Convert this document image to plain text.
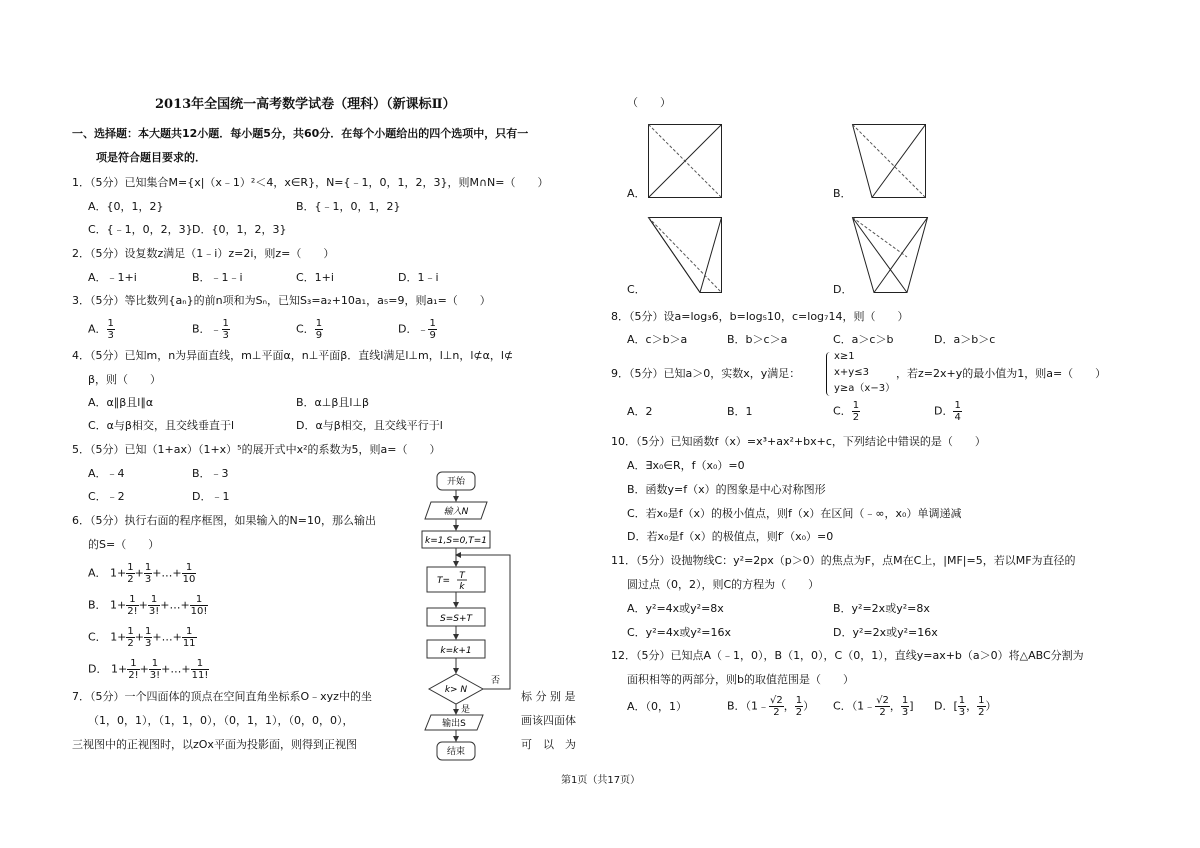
2013年全国统一高考数学试卷（理科）（新课标Ⅱ）
一、选择题：本大题共12小题．每小题5分，共60分．在每个小题给出的四个选项中，只有一
项是符合题目要求的．
1．（5分）已知集合M={x|（x﹣1）²＜4，x∈R}，N={﹣1，0，1，2，3}，则M∩N=（　　）
A．{0，1，2}	B．{﹣1，0，1，2}
C．{﹣1，0，2，3} D．{0，1，2，3}
2．（5分）设复数z满足（1﹣i）z=2i，则z=（　　）
A．﹣1+i	B．﹣1﹣i	C．1+i	D．1﹣i
3．（5分）等比数列{aₙ}的前n项和为Sₙ，已知S₃=a₂+10a₁，a₅=9，则a₁=（　　）
A． $\frac{1}{3}$	B．﹣ $\frac{1}{3}$	C． $\frac{1}{9}$	D．﹣ $\frac{1}{9}$
4．（5分）已知m，n为异面直线，m⊥平面α，n⊥平面β．直线l满足l⊥m，l⊥n，l⊄α，l⊄
β，则（　　）
A．α∥β且l∥α	B．α⊥β且l⊥β
C．α与β相交，且交线垂直于l	D．α与β相交，且交线平行于l
5．（5分）已知（1+ax）（1+x）⁵的展开式中x²的系数为5，则a=（　　）
A．﹣4	B．﹣3
C．﹣2	D．﹣1
6．（5分）执行右面的程序框图，如果输入的N=10，那么输出
的S=（　　）
A． $1+ \frac{1}{2} + \frac{1}{3}$ +…+ $\frac{1}{10}$
B． $1+ \frac{1}{2!} + \frac{1}{3!}$ +…+ $\frac{1}{10!}$
C． $1+ \frac{1}{2} + \frac{1}{3}$ +…+ $\frac{1}{11}$
D． $1+ \frac{1}{2!} + \frac{1}{3!}$ +…+ $\frac{1}{11!}$
7．（5分）一个四面体的顶点在空间直角坐标系O﹣xyz中的坐	标 分 别 是
（1，0，1），（1，1，0），（0，1，1），（0，0，0），	画该四面体
三视图中的正视图时，以zOx平面为投影面，则得到正视图	可　以　为
（　　）
开始
输入N
k=1,S=0,T=1
T= T
k
S=S+T
k=k+1
k> N
否
是
输出S
结束
A．	B．
C．	D．
8．（5分）设a=log₃6，b=log₅10，c=log₇14，则（　　）
A．c＞b＞a	B．b＞c＞a	C．a＞c＞b	D．a＞b＞c
9．（5分）已知a＞0，实数x，y满足：
x≥1
x+y≤3
y≥a（x−3）
，若z=2x+y的最小值为1，则a=（　　）
A．2	B．1	C． $\frac{1}{2}$	D． $\frac{1}{4}$
10．（5分）已知函数f（x）=x³+ax²+bx+c，下列结论中错误的是（　　）
A．∃x₀∈R，f（x₀）=0
B．函数y=f（x）的图象是中心对称图形
C．若x₀是f（x）的极小值点，则f（x）在区间（﹣∞，x₀）单调递减
D．若x₀是f（x）的极值点，则f′（x₀）=0
11．（5分）设抛物线C：y²=2px（p＞0）的焦点为F，点M在C上，|MF|=5，若以MF为直径的
圆过点（0，2），则C的方程为（　　）
A．y²=4x或y²=8x	B．y²=2x或y²=8x
C．y²=4x或y²=16x	D．y²=2x或y²=16x
12．（5分）已知点A（﹣1，0），B（1，0），C（0，1），直线y=ax+b（a＞0）将△ABC分割为
面积相等的两部分，则b的取值范围是（　　）
A．（0，1）	B．（1﹣ $\frac{√2}{2}$ ， $\frac{1}{2}$ ） C．（1﹣ $\frac{√2}{2}$ ， $\frac{1}{3}$ ] D．[ $\frac{1}{3}$ ， $\frac{1}{2}$ ）
第1页（共17页）
